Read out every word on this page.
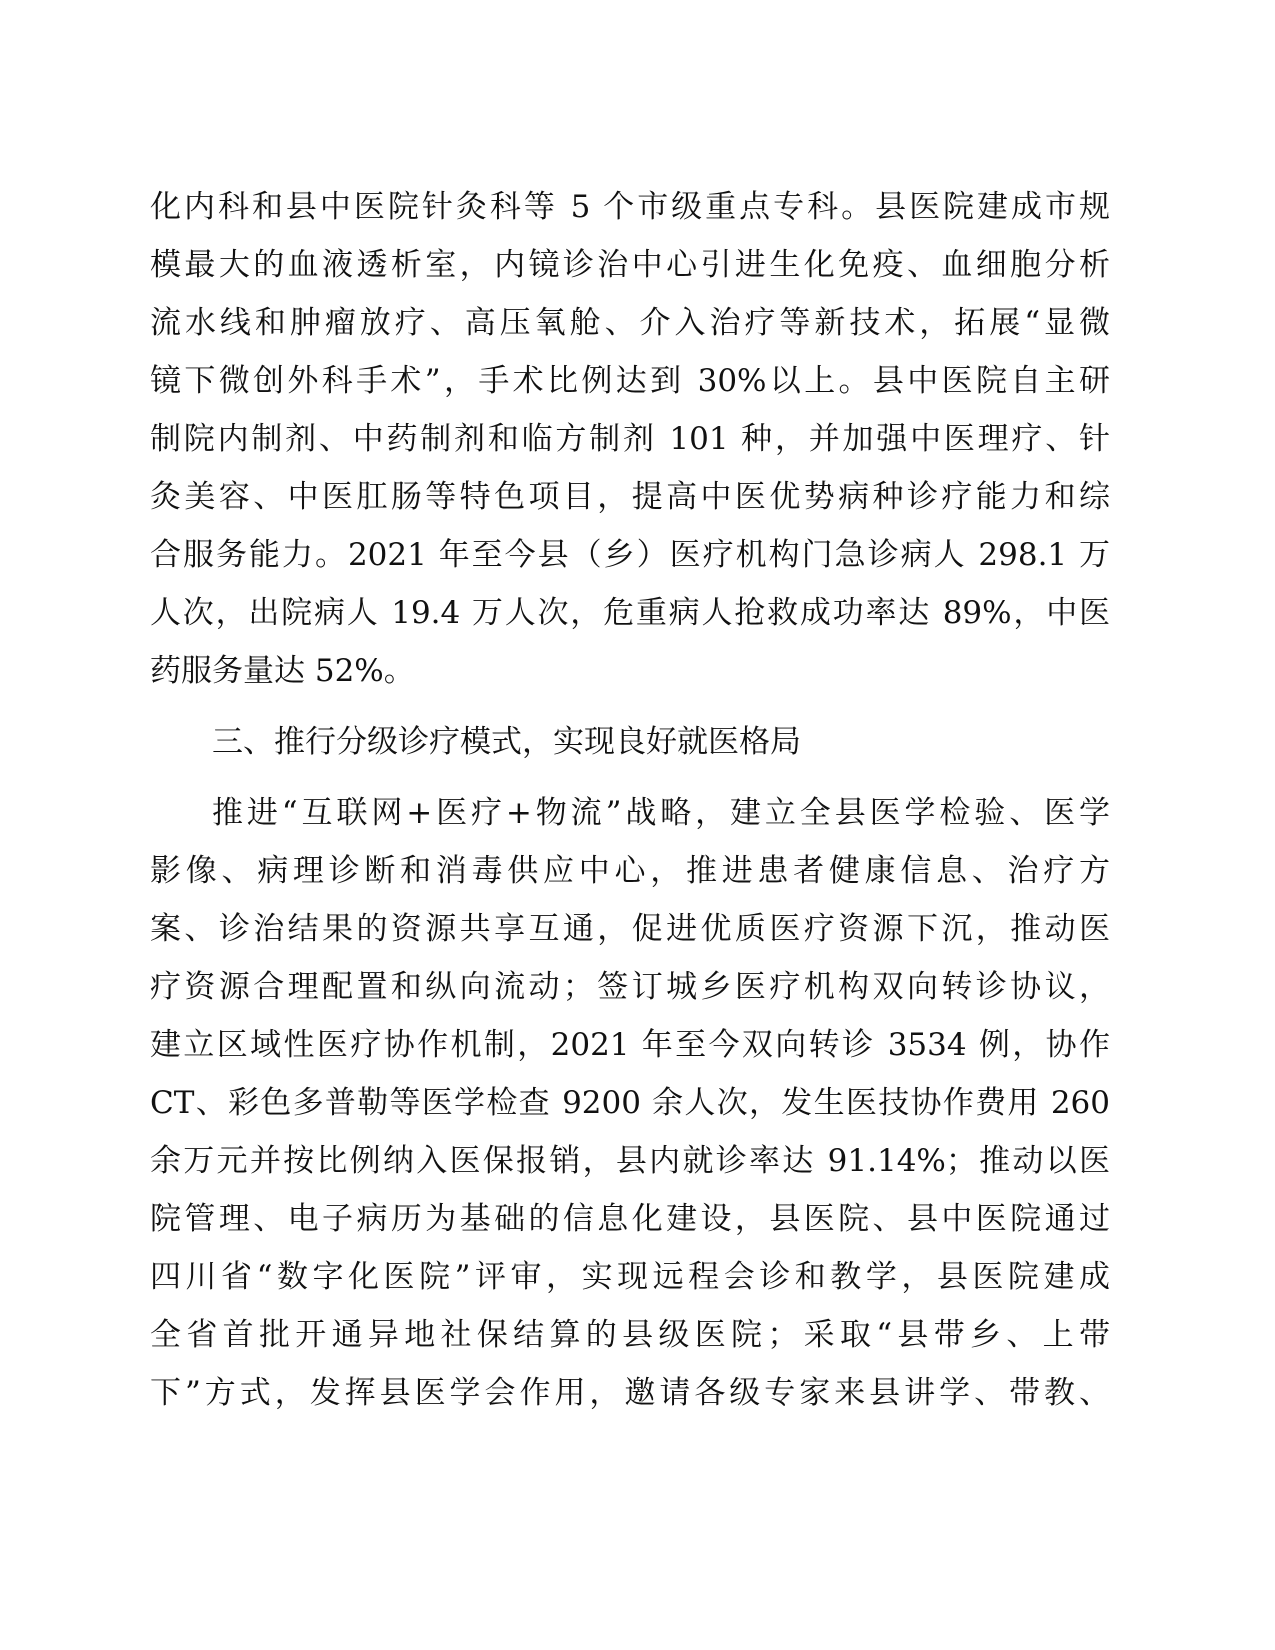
化内科和县中医院针灸科等 5 个市级重点专科。县医院建成市规
模最大的血液透析室，内镜诊治中心引进生化免疫、血细胞分析
流水线和肿瘤放疗、高压氧舱、介入治疗等新技术，拓展“显微
镜下微创外科手术”，手术比例达到 30%以上。县中医院自主研
制院内制剂、中药制剂和临方制剂 101 种，并加强中医理疗、针
灸美容、中医肛肠等特色项目，提高中医优势病种诊疗能力和综
合服务能力。2021 年至今县（乡）医疗机构门急诊病人 298.1 万
人次，出院病人 19.4 万人次，危重病人抢救成功率达 89%，中医
药服务量达 52%。
三、推行分级诊疗模式，实现良好就医格局
推进“互联网+医疗+物流”战略，建立全县医学检验、医学
影像、病理诊断和消毒供应中心，推进患者健康信息、治疗方
案、诊治结果的资源共享互通，促进优质医疗资源下沉，推动医
疗资源合理配置和纵向流动；签订城乡医疗机构双向转诊协议，
建立区域性医疗协作机制，2021 年至今双向转诊 3534 例，协作
CT、彩色多普勒等医学检查 9200 余人次，发生医技协作费用 260
余万元并按比例纳入医保报销，县内就诊率达 91.14%；推动以医
院管理、电子病历为基础的信息化建设，县医院、县中医院通过
四川省“数字化医院”评审，实现远程会诊和教学，县医院建成
全省首批开通异地社保结算的县级医院；采取“县带乡、上带
下”方式，发挥县医学会作用，邀请各级专家来县讲学、带教、
